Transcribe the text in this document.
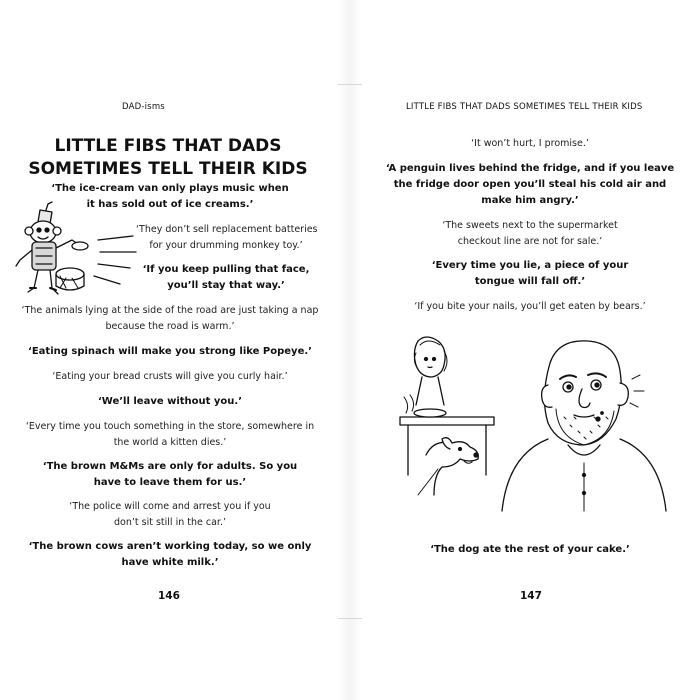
DAD-isms
LITTLE FIBS THAT DADS
SOMETIMES TELL THEIR KIDS
‘The ice-cream van only plays music when
it has sold out of ice creams.’
‘They don’t sell replacement batteries
for your drumming monkey toy.’
‘If you keep pulling that face,
you’ll stay that way.’
‘The animals lying at the side of the road are just taking a nap
because the road is warm.’
‘Eating spinach will make you strong like Popeye.’
‘Eating your bread crusts will give you curly hair.’
‘We’ll leave without you.’
‘Every time you touch something in the store, somewhere in
the world a kitten dies.’
‘The brown M&Ms are only for adults. So you
have to leave them for us.’
‘The police will come and arrest you if you
don’t sit still in the car.’
‘The brown cows aren’t working today, so we only
have white milk.’
146
LITTLE FIBS THAT DADS SOMETIMES TELL THEIR KIDS
‘It won’t hurt, I promise.’
‘A penguin lives behind the fridge, and if you leave
the fridge door open you’ll steal his cold air and
make him angry.’
‘The sweets next to the supermarket
checkout line are not for sale.’
‘Every time you lie, a piece of your
tongue will fall off.’
‘If you bite your nails, you’ll get eaten by bears.’
‘The dog ate the rest of your cake.’
147
